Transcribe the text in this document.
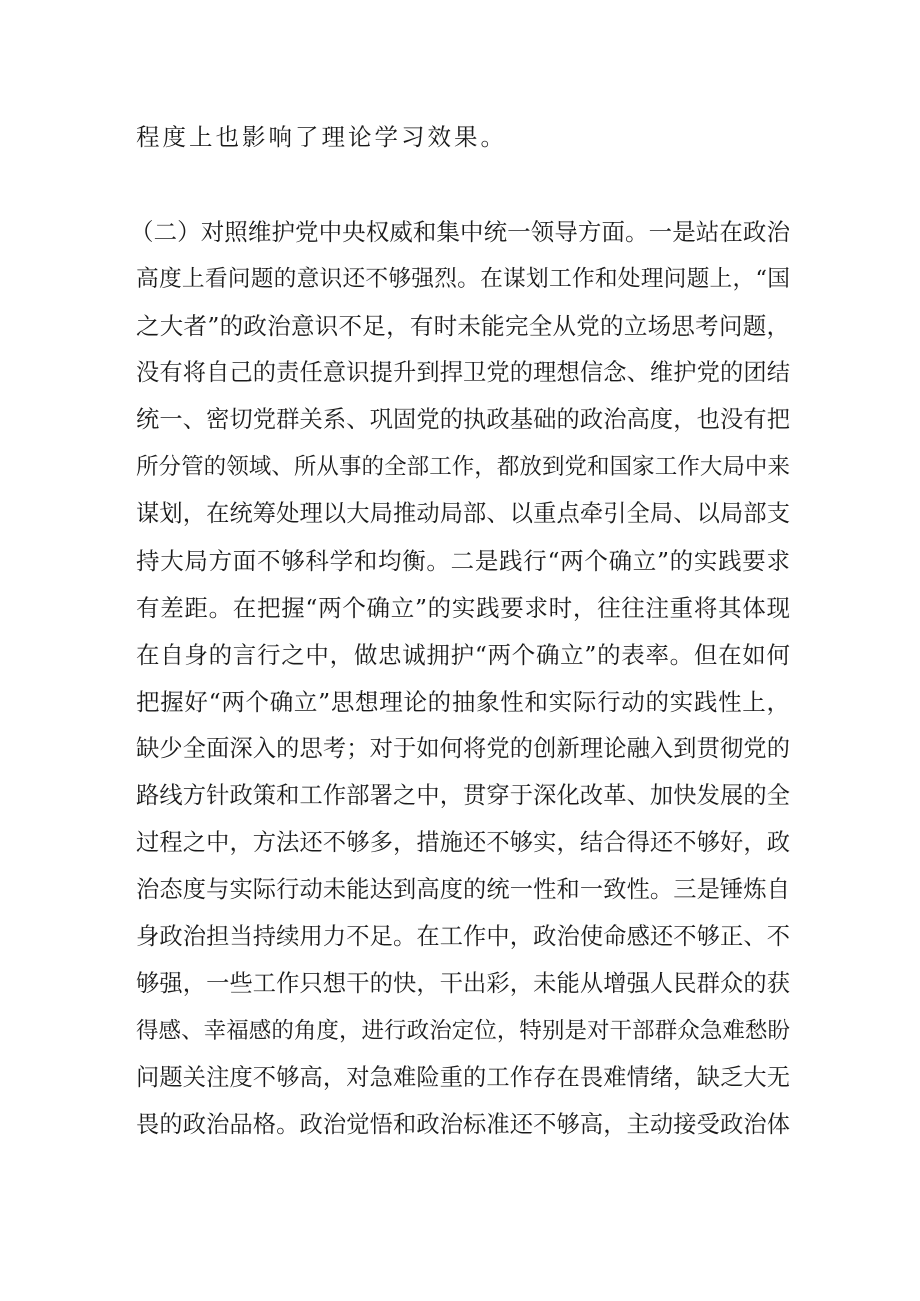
程度上也影响了理论学习效果。
（二）对照维护党中央权威和集中统一领导方面。一是站在政治
高度上看问题的意识还不够强烈。在谋划工作和处理问题上，“国
之大者”的政治意识不足，有时未能完全从党的立场思考问题，
没有将自己的责任意识提升到捍卫党的理想信念、维护党的团结
统一、密切党群关系、巩固党的执政基础的政治高度，也没有把
所分管的领域、所从事的全部工作，都放到党和国家工作大局中来
谋划，在统筹处理以大局推动局部、以重点牵引全局、以局部支
持大局方面不够科学和均衡。二是践行“两个确立”的实践要求
有差距。在把握“两个确立”的实践要求时，往往注重将其体现
在自身的言行之中，做忠诚拥护“两个确立”的表率。但在如何
把握好“两个确立”思想理论的抽象性和实际行动的实践性上，
缺少全面深入的思考；对于如何将党的创新理论融入到贯彻党的
路线方针政策和工作部署之中，贯穿于深化改革、加快发展的全
过程之中，方法还不够多，措施还不够实，结合得还不够好，政
治态度与实际行动未能达到高度的统一性和一致性。三是锤炼自
身政治担当持续用力不足。在工作中，政治使命感还不够正、不
够强，一些工作只想干的快，干出彩，未能从增强人民群众的获
得感、幸福感的角度，进行政治定位，特别是对干部群众急难愁盼
问题关注度不够高，对急难险重的工作存在畏难情绪，缺乏大无
畏的政治品格。政治觉悟和政治标准还不够高，主动接受政治体
